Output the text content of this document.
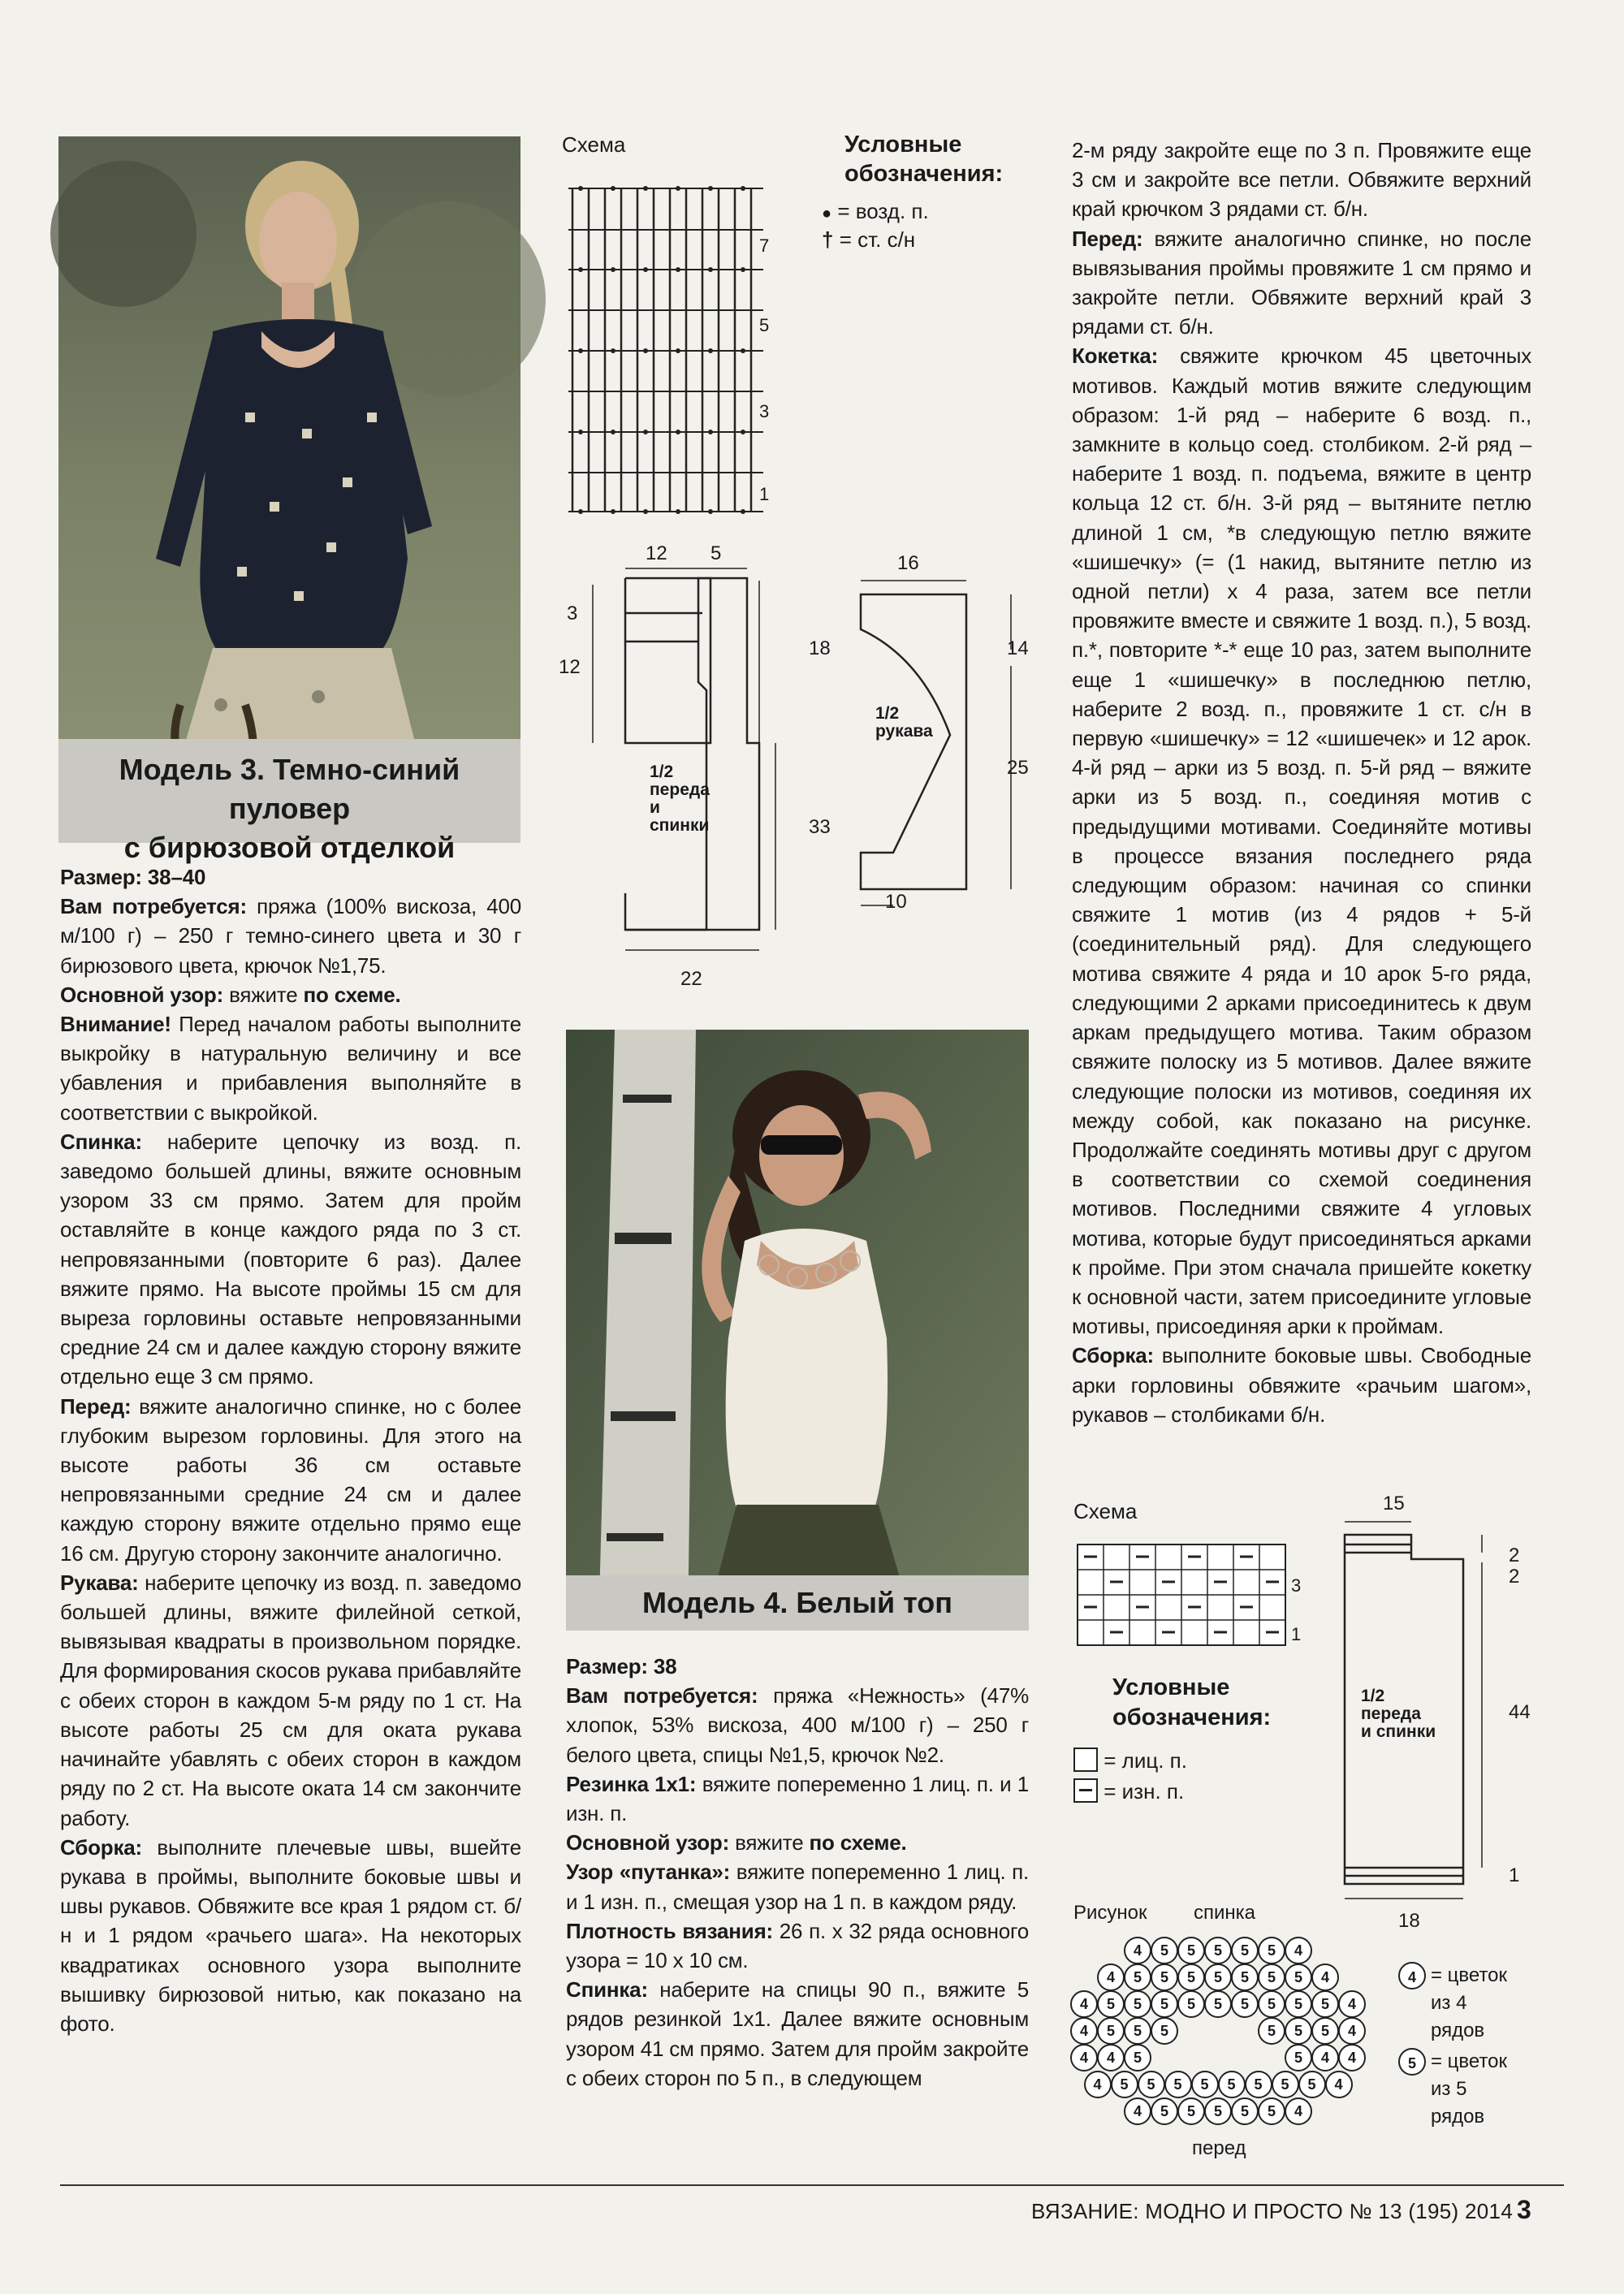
Модель 3. Темно-синий пуловер
с бирюзовой отделкой

Размер: 38–40

Вам потребуется: пряжа (100% вискоза, 400 м/100 г) – 250 г темно-синего цвета и 30 г бирюзового цвета, крючок №1,75.

Основной узор: вяжите по схеме.

Внимание! Перед началом работы выполните выкройку в натуральную величину и все убавления и прибавления выполняйте в соответствии с выкройкой.

Спинка: наберите цепочку из возд. п. заведомо большей длины, вяжите основным узором 33 см прямо. Затем для пройм оставляйте в конце каждого ряда по 3 ст. непровязанными (повторите 6 раз). Далее вяжите прямо. На высоте проймы 15 см для выреза горловины оставьте непровязанными средние 24 см и далее каждую сторону вяжите отдельно еще 3 см прямо.

Перед: вяжите аналогично спинке, но с более глубоким вырезом горловины. Для этого на высоте работы 36 см оставьте непровязанными средние 24 см и далее каждую сторону вяжите отдельно прямо еще 16 см. Другую сторону закончите аналогично.

Рукава: наберите цепочку из возд. п. заведомо большей длины, вяжите филейной сеткой, вывязывая квадраты в произвольном порядке. Для формирования скосов рукава прибавляйте с обеих сторон в каждом 5-м ряду по 1 ст. На высоте работы 25 см для оката рукава начинайте убавлять с обеих сторон в каждом ряду по 2 ст. На высоте оката 14 см закончите работу.

Сборка: выполните плечевые швы, вшейте рукава в проймы, выполните боковые швы и швы рукавов. Обвяжите все края 1 рядом ст. б/н и 1 рядом «рачьего шага». На некоторых квадратиках основного узора выполните вышивку бирюзовой нитью, как показано на фото.

Схема
7
5
3
1
Условные
обозначения:
● = возд. п.
† = ст. с/н
12 5
3
12
18
33
22
1/2
переда
и
спинки
16
14
25
10
1/2
рукава
Модель 4. Белый топ

Размер: 38

Вам потребуется: пряжа «Нежность» (47% хлопок, 53% вискоза, 400 м/100 г) – 250 г белого цвета, спицы №1,5, крючок №2.

Резинка 1х1: вяжите попеременно 1 лиц. п. и 1 изн. п.

Основной узор: вяжите по схеме.

Узор «путанка»: вяжите попеременно 1 лиц. п. и 1 изн. п., смещая узор на 1 п. в каждом ряду.

Плотность вязания: 26 п. х 32 ряда основного узора = 10 х 10 см.

Спинка: наберите на спицы 90 п., вяжите 5 рядов резинкой 1х1. Далее вяжите основным узором 41 см прямо. Затем для пройм закройте с обеих сторон по 5 п., в следующем

2-м ряду закройте еще по 3 п. Провяжите еще 3 см и закройте все петли. Обвяжите верхний край крючком 3 рядами ст. б/н.

Перед: вяжите аналогично спинке, но после вывязывания проймы провяжите 1 см прямо и закройте петли. Обвяжите верхний край 3 рядами ст. б/н.

Кокетка: свяжите крючком 45 цветочных мотивов. Каждый мотив вяжите следующим образом: 1-й ряд – наберите 6 возд. п., замкните в кольцо соед. столбиком. 2-й ряд – наберите 1 возд. п. подъема, вяжите в центр кольца 12 ст. б/н. 3-й ряд – вытяните петлю длиной 1 см, *в следующую петлю вяжите «шишечку» (= (1 накид, вытяните петлю из одной петли) х 4 раза, затем все петли провяжите вместе и свяжите 1 возд. п.), 5 возд. п.*, повторите *-* еще 10 раз, затем выполните еще 1 «шишечку» в последнюю петлю, наберите 2 возд. п., провяжите 1 ст. с/н в первую «шишечку» = 12 «шишечек» и 12 арок. 4-й ряд – арки из 5 возд. п. 5-й ряд – вяжите арки из 5 возд. п., соединяя мотив с предыдущими мотивами. Соединяйте мотивы в процессе вязания последнего ряда следующим образом: начиная со спинки свяжите 1 мотив (из 4 рядов + 5-й (соединительный ряд). Для следующего мотива свяжите 4 ряда и 10 арок 5-го ряда, следующими 2 арками присоединитесь к двум аркам предыдущего мотива. Таким образом свяжите полоску из 5 мотивов. Далее вяжите следующие полоски из мотивов, соединяя их между собой, как показано на рисунке. Продолжайте соединять мотивы друг с другом в соответствии со схемой соединения мотивов. Последними свяжите 4 угловых мотива, которые будут присоединяться арками к пройме. При этом сначала пришейте кокетку к основной части, затем присоедините угловые мотивы, присоединяя арки к проймам.

Сборка: выполните боковые швы. Свободные арки горловины обвяжите «рачьим шагом», рукавов – столбиками б/н.

Схема
3
1
Условные
обозначения:
= лиц. п.
= изн. п.
15
2
2
44
1
18
1/2
переда
и спинки
Рисунок спинка
4	5	5	5	5	5	4
4	5	5	5	5	5	5	5	4
4	5	5	5	5	5	5	5	5	5	4
4	5	5	5	5	5	5	4
4	4	5	5	4	4
4	5	5	5	5	5	5	5	5	4
4	5	5	5	5	5	4
перед
4 = цветок
из 4
рядов
5 = цветок
из 5
рядов
ВЯЗАНИЕ: МОДНО И ПРОСТО № 13 (195) 2014 3
